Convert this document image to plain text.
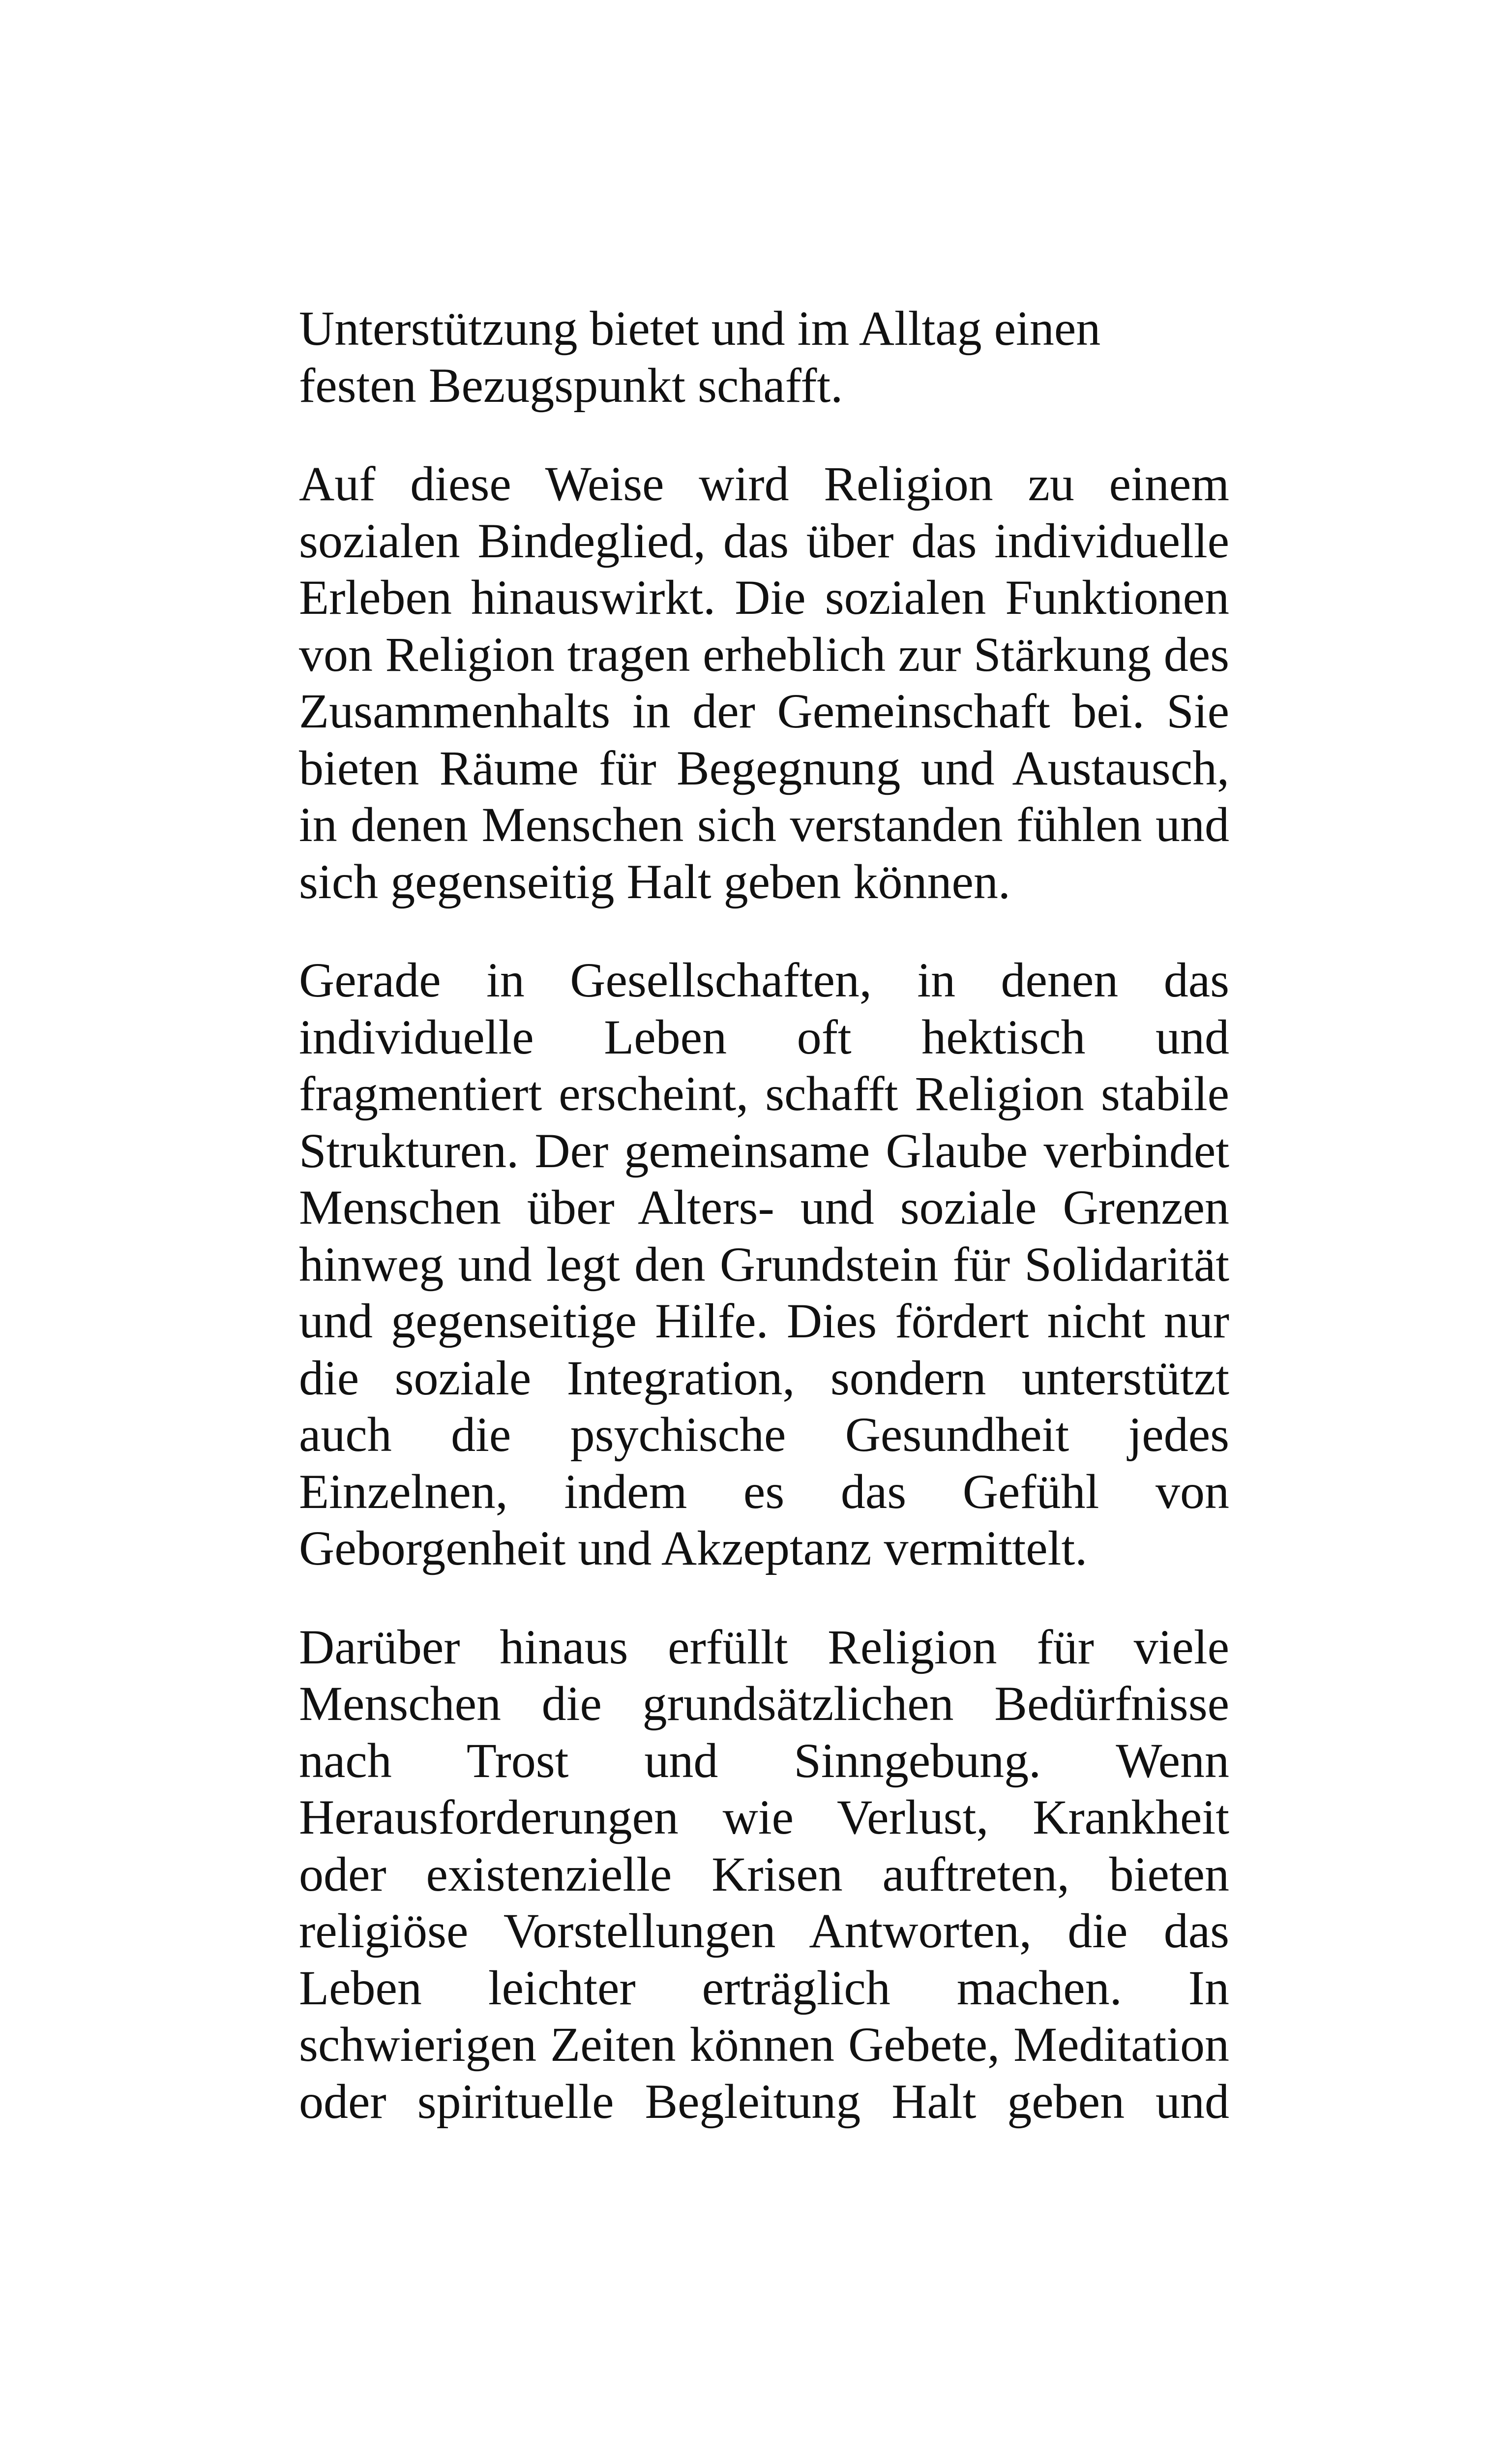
Unterstützung bietet und im Alltag einen festen Bezugspunkt schafft.

Auf diese Weise wird Religion zu einem sozialen Bindeglied, das über das individuelle Erleben hinauswirkt. Die sozialen Funktionen von Religion tragen erheblich zur Stärkung des Zusammenhalts in der Gemeinschaft bei. Sie bieten Räume für Begegnung und Austausch, in denen Menschen sich verstanden fühlen und sich gegenseitig Halt geben können.

Gerade in Gesellschaften, in denen das individuelle Leben oft hektisch und fragmentiert erscheint, schafft Religion stabile Strukturen. Der gemeinsame Glaube verbindet Menschen über Alters- und soziale Grenzen hinweg und legt den Grundstein für Solidarität und gegenseitige Hilfe. Dies fördert nicht nur die soziale Integration, sondern unterstützt auch die psychische Gesundheit jedes Einzelnen, indem es das Gefühl von Geborgenheit und Akzeptanz vermittelt.

Darüber hinaus erfüllt Religion für viele Menschen die grundsätzlichen Bedürfnisse nach Trost und Sinngebung. Wenn Herausforderungen wie Verlust, Krankheit oder existenzielle Krisen auftreten, bieten religiöse Vorstellungen Antworten, die das Leben leichter erträglich machen. In schwierigen Zeiten können Gebete, Meditation oder spirituelle Begleitung Halt geben und
